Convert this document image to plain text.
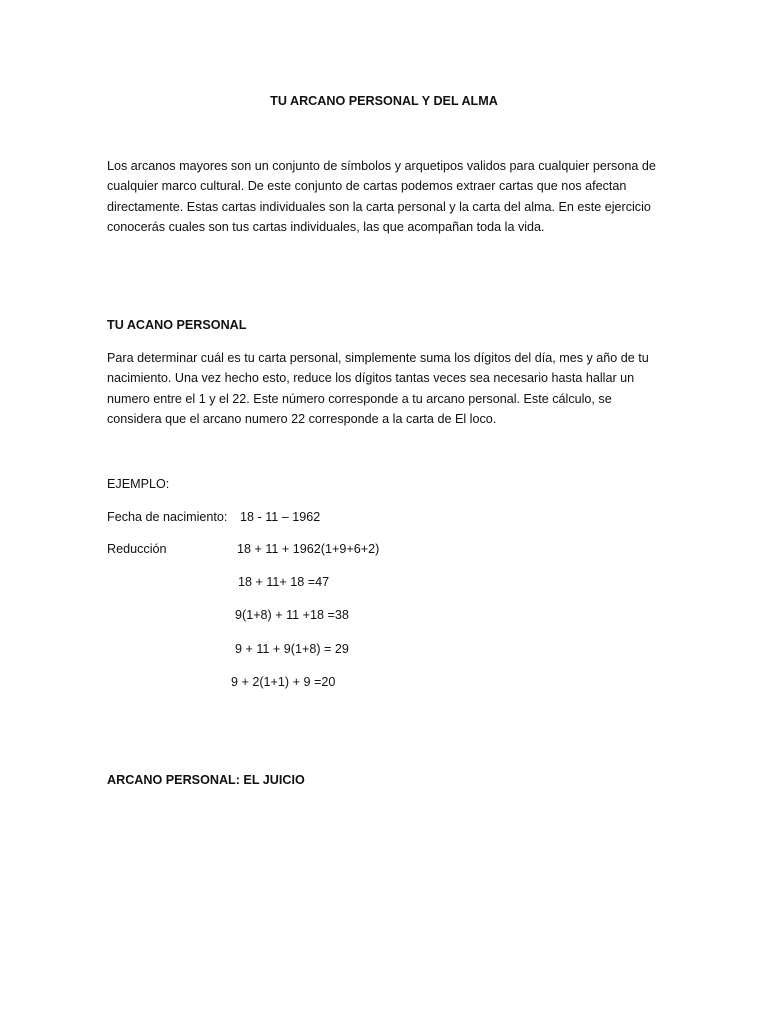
TU ARCANO PERSONAL Y DEL ALMA

Los arcanos mayores son un conjunto de símbolos y arquetipos validos para cualquier persona de

cualquier marco cultural. De este conjunto de cartas podemos extraer cartas que nos afectan

directamente. Estas cartas individuales son la carta personal y la carta del alma. En este ejercicio

conocerás cuales son tus cartas individuales, las que acompañan toda la vida.

TU ACANO PERSONAL

Para determinar cuál es tu carta personal, simplemente suma los dígitos del día, mes y año de tu

nacimiento. Una vez hecho esto, reduce los dígitos tantas veces sea necesario hasta hallar un

numero entre el 1 y el 22. Este número corresponde a tu arcano personal. Este cálculo, se

considera que el arcano numero 22 corresponde a la carta de El loco.

EJEMPLO:
Fecha de nacimiento: 18 - 11 – 1962
Reducción	18 + 11 + 1962(1+9+6+2)
18 + 11+ 18 =47
9(1+8) + 11 +18 =38
9 + 11 + 9(1+8) = 29
9 + 2(1+1) + 9 =20
ARCANO PERSONAL: EL JUICIO
